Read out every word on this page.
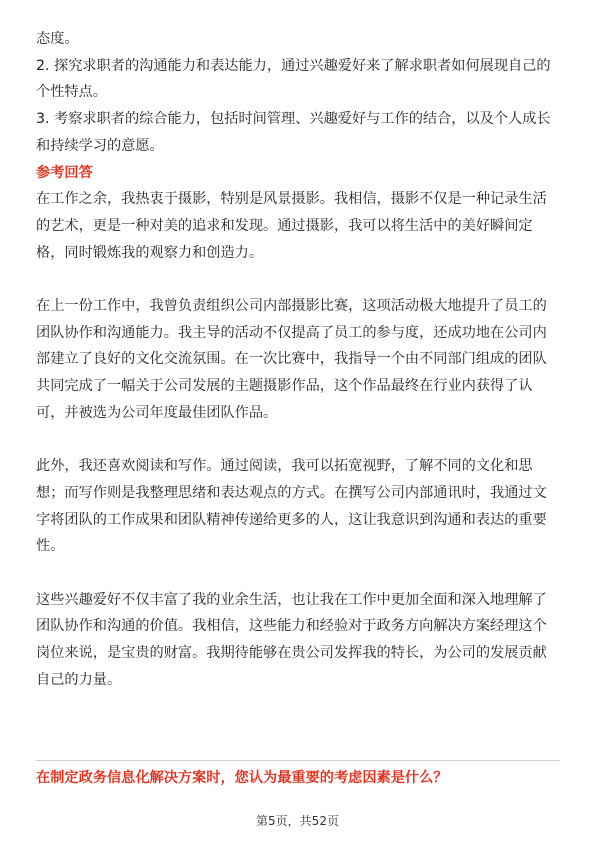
态度。
2. 探究求职者的沟通能力和表达能力，通过兴趣爱好来了解求职者如何展现自己的
个性特点。
3. 考察求职者的综合能力，包括时间管理、兴趣爱好与工作的结合，以及个人成长
和持续学习的意愿。
参考回答
在工作之余，我热衷于摄影，特别是风景摄影。我相信，摄影不仅是一种记录生活
的艺术，更是一种对美的追求和发现。通过摄影，我可以将生活中的美好瞬间定
格，同时锻炼我的观察力和创造力。
在上一份工作中，我曾负责组织公司内部摄影比赛，这项活动极大地提升了员工的
团队协作和沟通能力。我主导的活动不仅提高了员工的参与度，还成功地在公司内
部建立了良好的文化交流氛围。在一次比赛中，我指导一个由不同部门组成的团队
共同完成了一幅关于公司发展的主题摄影作品，这个作品最终在行业内获得了认
可，并被选为公司年度最佳团队作品。
此外，我还喜欢阅读和写作。通过阅读，我可以拓宽视野，了解不同的文化和思
想；而写作则是我整理思绪和表达观点的方式。在撰写公司内部通讯时，我通过文
字将团队的工作成果和团队精神传递给更多的人，这让我意识到沟通和表达的重要
性。
这些兴趣爱好不仅丰富了我的业余生活，也让我在工作中更加全面和深入地理解了
团队协作和沟通的价值。我相信，这些能力和经验对于政务方向解决方案经理这个
岗位来说，是宝贵的财富。我期待能够在贵公司发挥我的特长，为公司的发展贡献
自己的力量。
在制定政务信息化解决方案时，您认为最重要的考虑因素是什么？
第5页，共52页
